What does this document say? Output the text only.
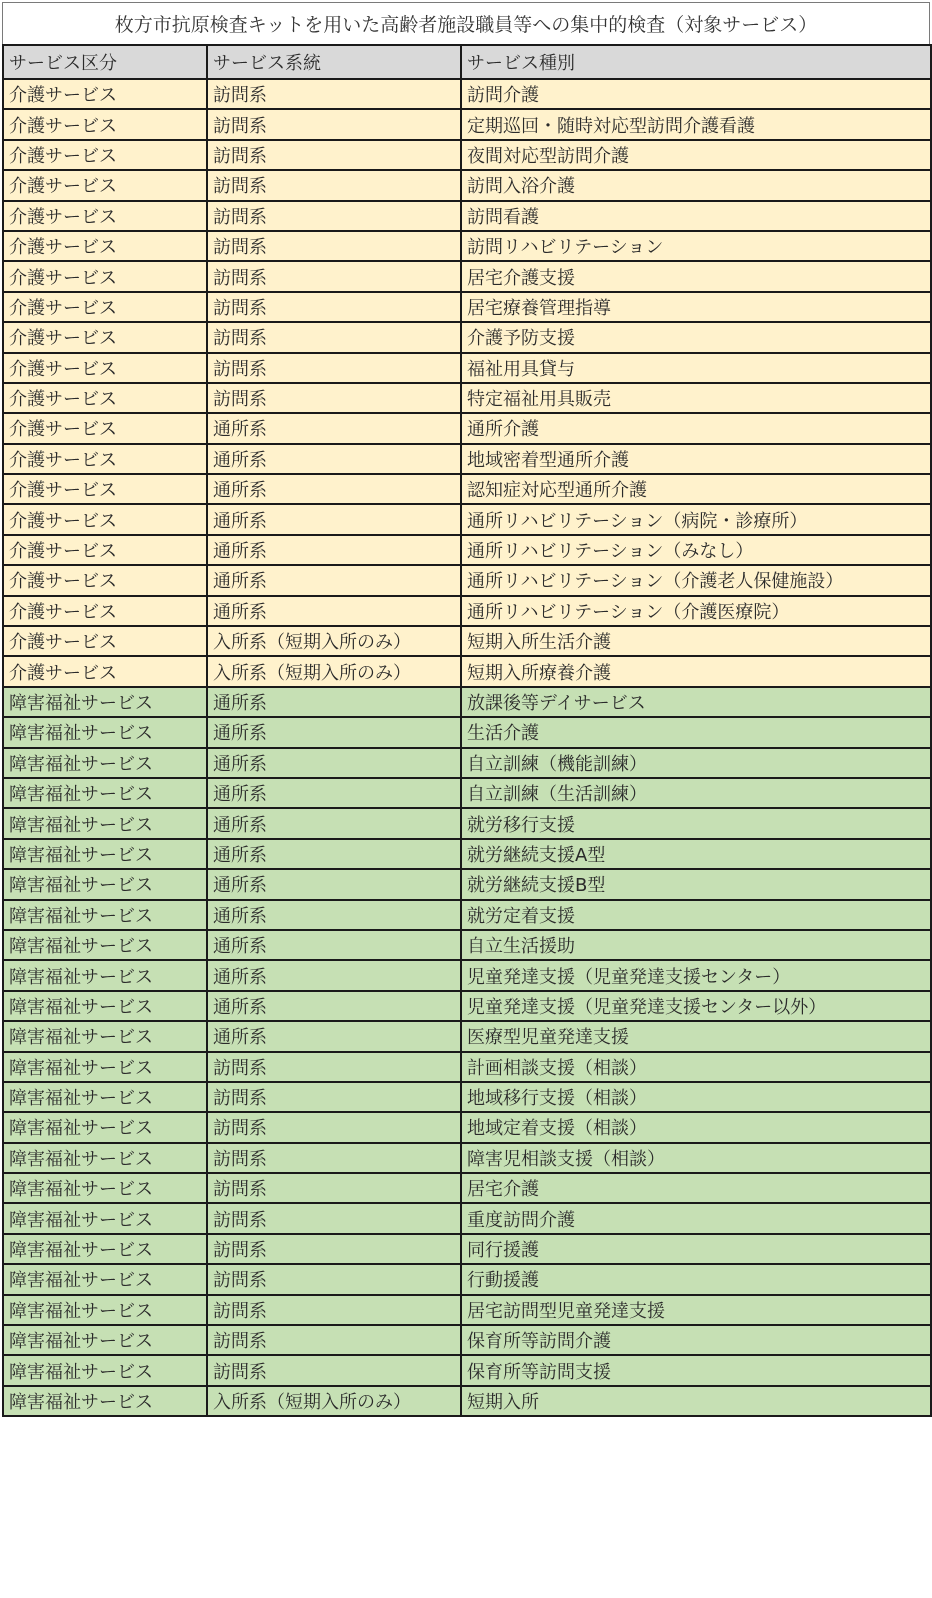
枚方市抗原検査キットを用いた高齢者施設職員等への集中的検査（対象サービス）
サービス区分	サービス系統	サービス種別
介護サービス	訪問系	訪問介護
介護サービス	訪問系	定期巡回・随時対応型訪問介護看護
介護サービス	訪問系	夜間対応型訪問介護
介護サービス	訪問系	訪問入浴介護
介護サービス	訪問系	訪問看護
介護サービス	訪問系	訪問リハビリテーション
介護サービス	訪問系	居宅介護支援
介護サービス	訪問系	居宅療養管理指導
介護サービス	訪問系	介護予防支援
介護サービス	訪問系	福祉用具貸与
介護サービス	訪問系	特定福祉用具販売
介護サービス	通所系	通所介護
介護サービス	通所系	地域密着型通所介護
介護サービス	通所系	認知症対応型通所介護
介護サービス	通所系	通所リハビリテーション（病院・診療所）
介護サービス	通所系	通所リハビリテーション（みなし）
介護サービス	通所系	通所リハビリテーション（介護老人保健施設）
介護サービス	通所系	通所リハビリテーション（介護医療院）
介護サービス	入所系（短期入所のみ）	短期入所生活介護
介護サービス	入所系（短期入所のみ）	短期入所療養介護
障害福祉サービス	通所系	放課後等デイサービス
障害福祉サービス	通所系	生活介護
障害福祉サービス	通所系	自立訓練（機能訓練）
障害福祉サービス	通所系	自立訓練（生活訓練）
障害福祉サービス	通所系	就労移行支援
障害福祉サービス	通所系	就労継続支援A型
障害福祉サービス	通所系	就労継続支援B型
障害福祉サービス	通所系	就労定着支援
障害福祉サービス	通所系	自立生活援助
障害福祉サービス	通所系	児童発達支援（児童発達支援センター）
障害福祉サービス	通所系	児童発達支援（児童発達支援センター以外）
障害福祉サービス	通所系	医療型児童発達支援
障害福祉サービス	訪問系	計画相談支援（相談）
障害福祉サービス	訪問系	地域移行支援（相談）
障害福祉サービス	訪問系	地域定着支援（相談）
障害福祉サービス	訪問系	障害児相談支援（相談）
障害福祉サービス	訪問系	居宅介護
障害福祉サービス	訪問系	重度訪問介護
障害福祉サービス	訪問系	同行援護
障害福祉サービス	訪問系	行動援護
障害福祉サービス	訪問系	居宅訪問型児童発達支援
障害福祉サービス	訪問系	保育所等訪問介護
障害福祉サービス	訪問系	保育所等訪問支援
障害福祉サービス	入所系（短期入所のみ）	短期入所
